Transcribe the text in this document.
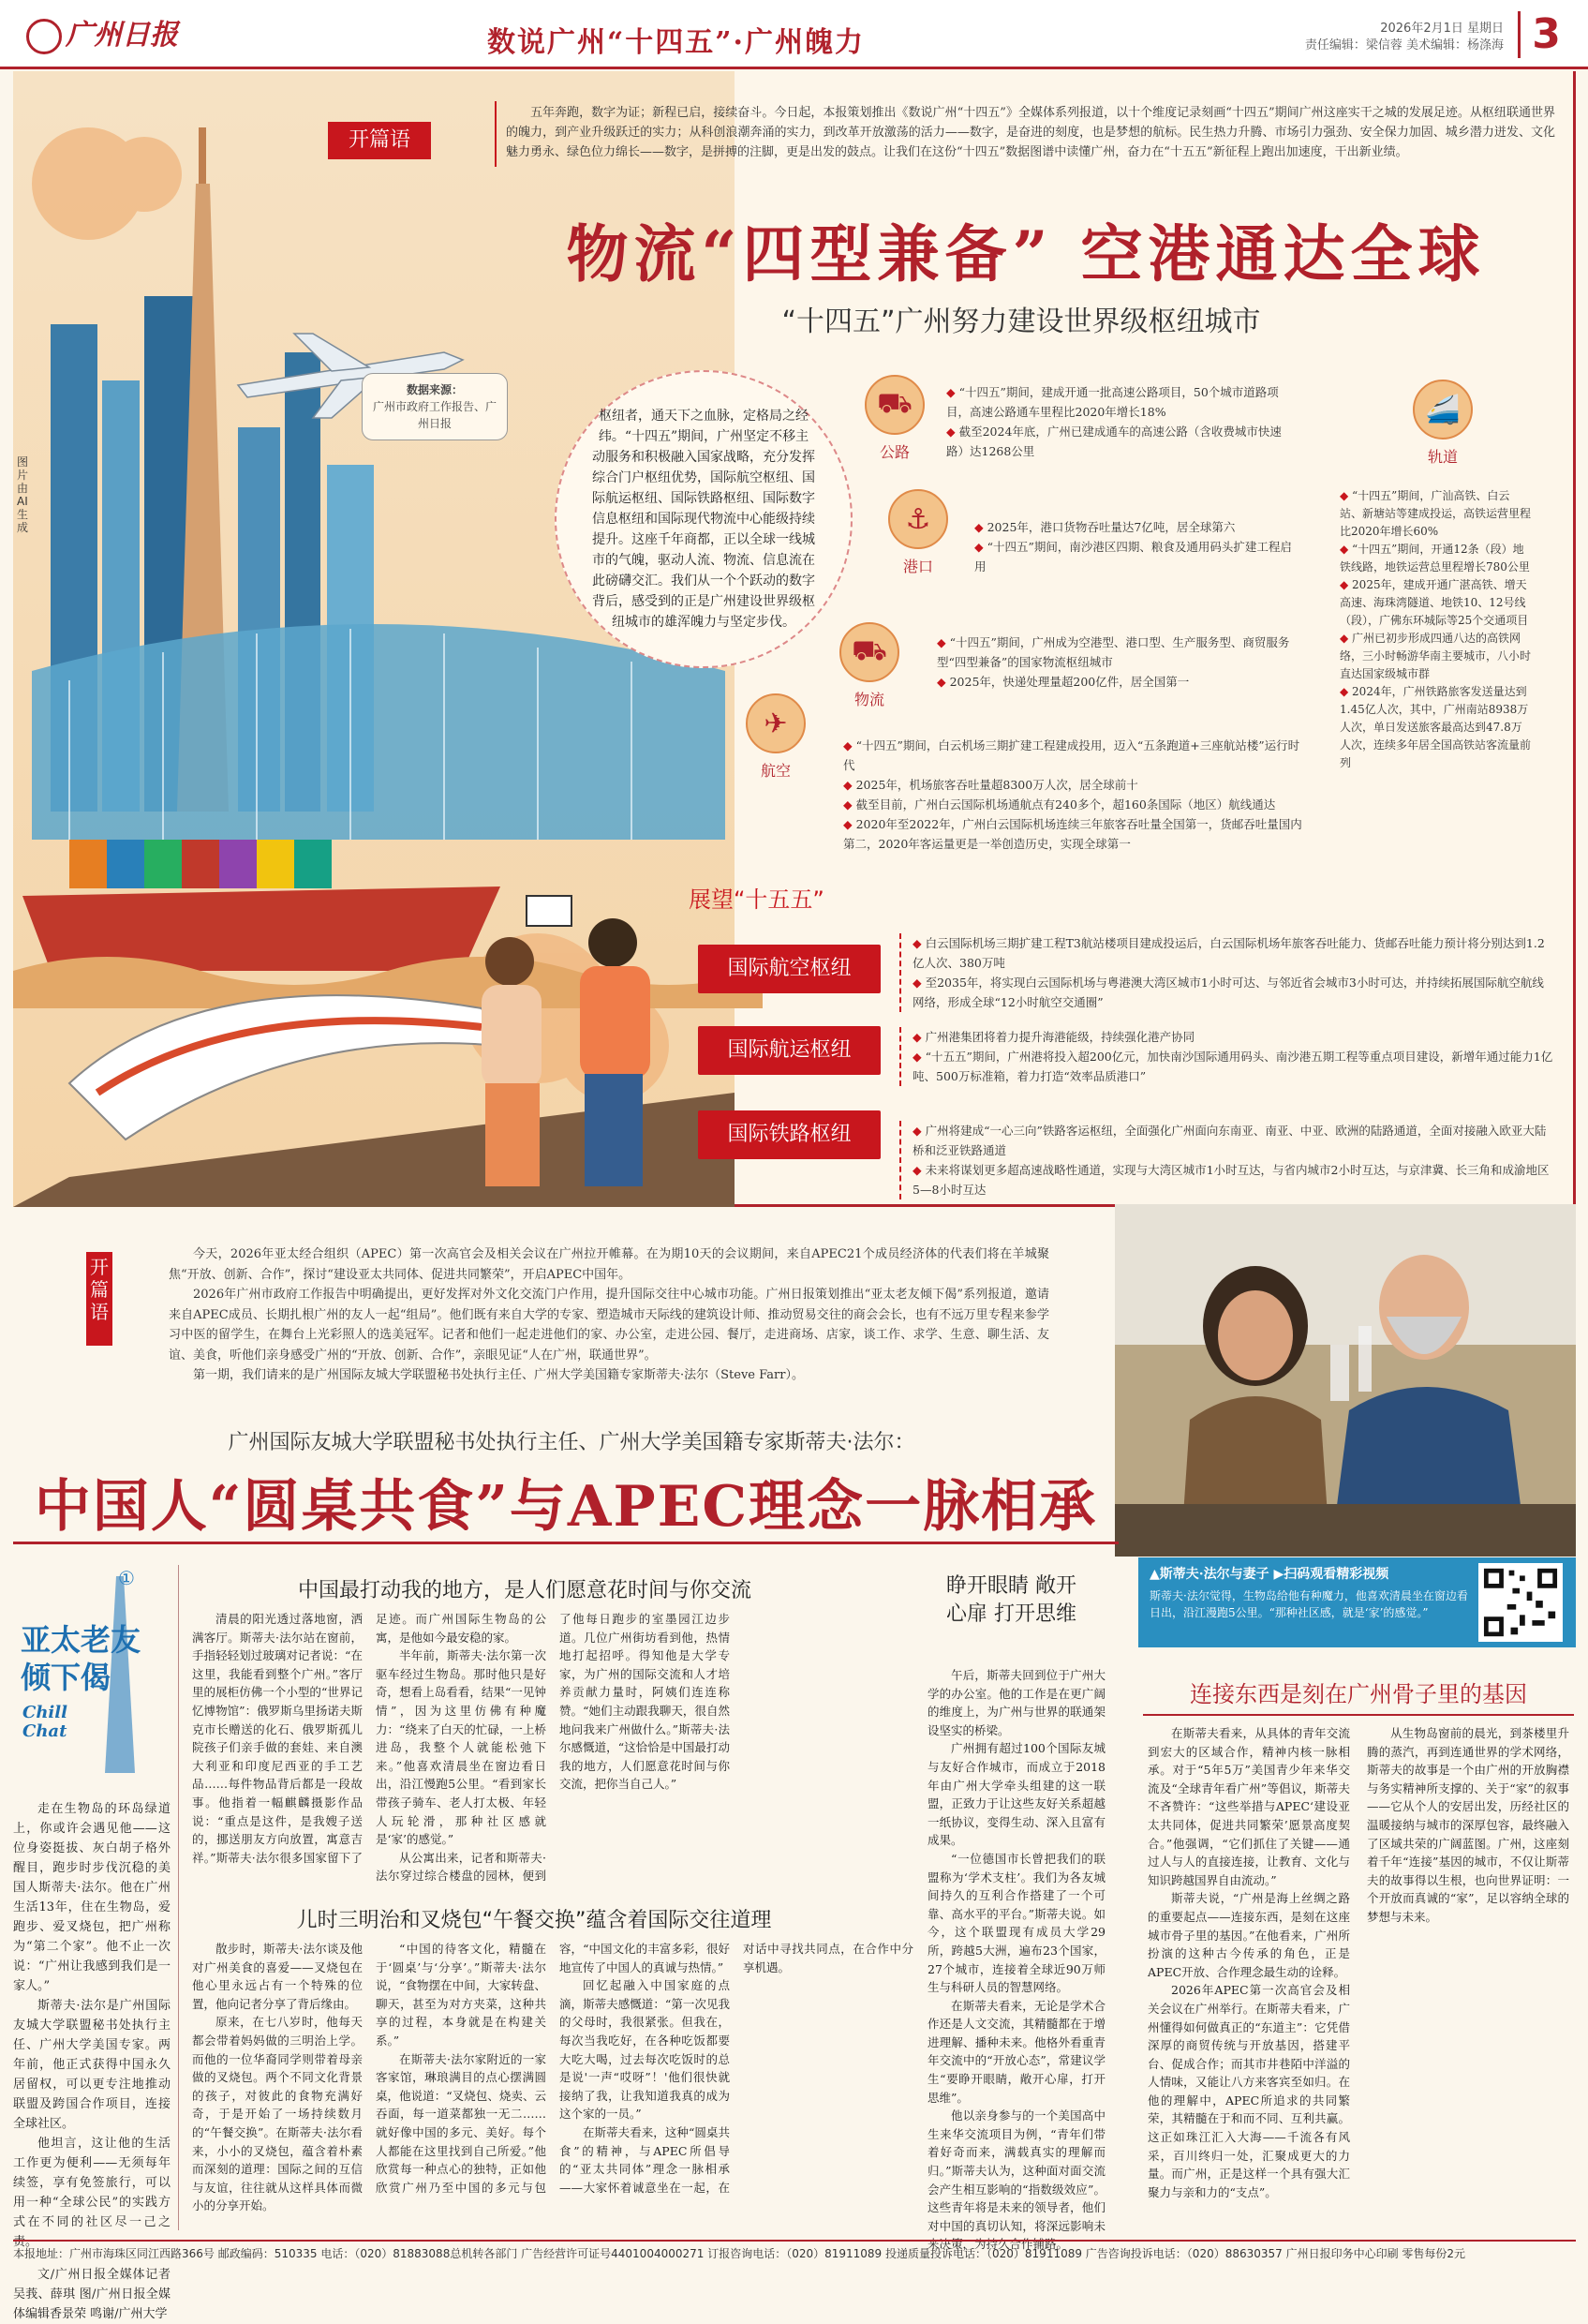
广州日报	数说广州“十四五”·广州魄力	2026年2月1日 星期日
责任编辑：梁信蓉 美术编辑：杨涤海 3
图片由AI生成
开篇语
五年奔跑，数字为证；新程已启，接续奋斗。今日起，本报策划推出《数说广州“十四五”》全媒体系列报道，以十个维度记录刻画“十四五”期间广州这座实干之城的发展足迹。从枢纽联通世界的魄力，到产业升级跃迁的实力；从科创浪潮奔涌的实力，到改革开放激荡的活力——数字，是奋进的刻度，也是梦想的航标。民生热力升腾、市场引力强劲、安全保力加固、城乡潜力迸发、文化魅力勇永、绿色位力绵长——数字，是拼搏的注脚，更是出发的鼓点。让我们在这份“十四五”数据图谱中读懂广州，奋力在“十五五”新征程上跑出加速度，干出新业绩。
物流“四型兼备” 空港通达全球
“十四五”广州努力建设世界级枢纽城市
数据来源：
广州市政府工作报告、广州日报	枢纽者，通天下之血脉，定格局之经纬。“十四五”期间，广州坚定不移主动服务和积极融入国家战略，充分发挥综合门户枢纽优势，国际航空枢纽、国际航运枢纽、国际铁路枢纽、国际数字信息枢纽和国际现代物流中心能级持续提升。这座千年商都，正以全球一线城市的气魄，驱动人流、物流、信息流在此磅礴交汇。我们从一个个跃动的数字背后，感受到的正是广州建设世界级枢纽城市的雄浑魄力与坚定步伐。
⛟
公路
◆ “十四五”期间，建成开通一批高速公路项目，50个城市道路项目，高速公路通车里程比2020年增长18%
◆ 截至2024年底，广州已建成通车的高速公路（含收费城市快速路）达1268公里
⚓
港口
◆ 2025年，港口货物吞吐量达7亿吨，居全球第六
◆ “十四五”期间，南沙港区四期、粮食及通用码头扩建工程启用
⛟
物流
◆ “十四五”期间，广州成为空港型、港口型、生产服务型、商贸服务型“四型兼备”的国家物流枢纽城市
◆ 2025年，快递处理量超200亿件，居全国第一
✈
航空
◆ “十四五”期间，白云机场三期扩建工程建成投用，迈入“五条跑道+三座航站楼”运行时代
◆ 2025年，机场旅客吞吐量超8300万人次，居全球前十
◆ 截至目前，广州白云国际机场通航点有240多个，超160条国际（地区）航线通达
◆ 2020年至2022年，广州白云国际机场连续三年旅客吞吐量全国第一，货邮吞吐量国内第二，2020年客运量更是一举创造历史，实现全球第一
🚄
轨道
◆ “十四五”期间，广汕高铁、白云站、新塘站等建成投运，高铁运营里程比2020年增长60%
◆ “十四五”期间，开通12条（段）地铁线路，地铁运营总里程增长780公里
◆ 2025年，建成开通广湛高铁、增天高速、海珠湾隧道、地铁10、12号线（段），广佛东环城际等25个交通项目
◆ 广州已初步形成四通八达的高铁网络，三小时畅游华南主要城市，八小时直达国家级城市群
◆ 2024年，广州铁路旅客发送量达到1.45亿人次，其中，广州南站8938万人次，单日发送旅客最高达到47.8万人次，连续多年居全国高铁站客流量前列
展望“十五五”
国际航空枢纽
国际航运枢纽
国际铁路枢纽
◆ 白云国际机场三期扩建工程T3航站楼项目建成投运后，白云国际机场年旅客吞吐能力、货邮吞吐能力预计将分别达到1.2亿人次、380万吨
◆ 至2035年，将实现白云国际机场与粤港澳大湾区城市1小时可达、与邻近省会城市3小时可达，并持续拓展国际航空航线网络，形成全球“12小时航空交通圈”
◆ 广州港集团将着力提升海港能级，持续强化港产协同
◆ “十五五”期间，广州港将投入超200亿元，加快南沙国际通用码头、南沙港五期工程等重点项目建设，新增年通过能力1亿吨、500万标准箱，着力打造“效率品质港口”
◆ 广州将建成“一心三向”铁路客运枢纽，全面强化广州面向东南亚、南亚、中亚、欧洲的陆路通道，全面对接融入欧亚大陆桥和泛亚铁路通道
◆ 未来将谋划更多超高速战略性通道，实现与大湾区城市1小时互达，与省内城市2小时互达，与京津冀、长三角和成渝地区5—8小时互达
开篇语

今天，2026年亚太经合组织（APEC）第一次高官会及相关会议在广州拉开帷幕。在为期10天的会议期间，来自APEC21个成员经济体的代表们将在羊城聚焦“开放、创新、合作”，探讨“建设亚太共同体、促进共同繁荣”，开启APEC中国年。

2026年广州市政府工作报告中明确提出，更好发挥对外文化交流门户作用，提升国际交往中心城市功能。广州日报策划推出“亚太老友倾下偈”系列报道，邀请来自APEC成员、长期扎根广州的友人一起“组局”。他们既有来自大学的专家、塑造城市天际线的建筑设计师、推动贸易交往的商会会长，也有不远万里专程来参学习中医的留学生，在舞台上光彩照人的选美冠军。记者和他们一起走进他们的家、办公室，走进公园、餐厅，走进商场、店家，谈工作、求学、生意、聊生活、友谊、美食，听他们亲身感受广州的“开放、创新、合作”，亲眼见证“人在广州，联通世界”。

第一期，我们请来的是广州国际友城大学联盟秘书处执行主任、广州大学美国籍专家斯蒂夫·法尔（Steve Farr）。

▲斯蒂夫·法尔与妻子 ▶扫码观看精彩视频
斯蒂夫·法尔觉得，生物岛给他有种魔力，他喜欢清晨坐在窗边看日出，沿江漫跑5公里。“那种社区感，就是‘家’的感觉。”
广州国际友城大学联盟秘书处执行主任、广州大学美国籍专家斯蒂夫·法尔：
中国人“圆桌共食”与APEC理念一脉相承
①
亚太老友 倾下偈
Chill Chat

走在生物岛的环岛绿道上，你或许会遇见他——这位身姿挺拔、灰白胡子格外醒目，跑步时步伐沉稳的美国人斯蒂夫·法尔。他在广州生活13年，住在生物岛，爱跑步、爱叉烧包，把广州称为“第二个家”。他不止一次说：“广州让我感到我们是一家人。”

斯蒂夫·法尔是广州国际友城大学联盟秘书处执行主任、广州大学美国专家。两年前，他正式获得中国永久居留权，可以更专注地推动联盟及跨国合作项目，连接全球社区。

他坦言，这让他的生活工作更为便利——无须每年续签，享有免签旅行，可以用一种“全球公民”的实践方式在不同的社区尽一己之责。

文/广州日报全媒体记者吴莪、薛琪 图/广州日报全媒体编辑香景荣 鸣谢/广州大学

中国最打动我的地方，是人们愿意花时间与你交流

清晨的阳光透过落地窗，洒满客厅。斯蒂夫·法尔站在窗前，手指轻轻划过玻璃对记者说：“在这里，我能看到整个广州。”客厅里的展柜仿佛一个小型的“世界记忆博物馆”：俄罗斯乌里扬诺夫斯克市长赠送的化石、俄罗斯孤儿院孩子们亲手做的套娃、来自澳大利亚和印度尼西亚的手工艺品……每件物品背后都是一段故事。他指着一幅麒麟摄影作品说：“重点是这件，是我嫂子送的，挪送朋友方向放置，寓意吉祥。”斯蒂夫·法尔很多国家留下了足迹。而广州国际生物岛的公寓，是他如今最安稳的家。

半年前，斯蒂夫·法尔第一次驱车经过生物岛。那时他只是好奇，想看上岛看看，结果“一见钟情”，因为这里仿佛有种魔力：“绕来了白天的忙碌，一上桥进岛，我整个人就能松弛下来。”他喜欢清晨坐在窗边看日出，沿江慢跑5公里。“看到家长带孩子骑车、老人打太极、年轻人玩轮滑，那种社区感就是‘家’的感觉。”

从公寓出来，记者和斯蒂夫·法尔穿过综合楼盘的园林，便到了他每日跑步的室墨园江边步道。几位广州街坊看到他，热情地打起招呼。得知他是大学专家，为广州的国际交流和人才培养贡献力量时，阿姨们连连称赞。“她们主动跟我聊天，很自然地问我来广州做什么。”斯蒂夫·法尔感慨道，“这恰恰是中国最打动我的地方，人们愿意花时间与你交流，把你当自己人。”

睁开眼睛 敞开心扉 打开思维

午后，斯蒂夫回到位于广州大学的办公室。他的工作是在更广阔的维度上，为广州与世界的联通架设坚实的桥梁。

广州拥有超过100个国际友城与友好合作城市，而成立于2018年由广州大学牵头组建的这一联盟，正致力于让这些友好关系超越一纸协议，变得生动、深入且富有成果。

“一位德国市长曾把我们的联盟称为‘学术支柱’。我们为各友城间持久的互利合作搭建了一个可靠、高水平的平台。”斯蒂夫说。如今，这个联盟现有成员大学29所，跨越5大洲，遍布23个国家，27个城市，连接着全球近90万师生与科研人员的智慧网络。

在斯蒂夫看来，无论是学术合作还是人文交流，其精髓都在于增进理解、播种未来。他格外看重青年交流中的“开放心态”，常建议学生“要睁开眼睛，敞开心扉，打开思维”。

他以亲身参与的一个美国高中生来华交流项目为例，“青年们带着好奇而来，满载真实的理解而归。”斯蒂夫认为，这种面对面交流会产生相互影响的“指数级效应”。这些青年将是未来的领导者，他们对中国的真切认知，将深远影响未来决策，为持久合作铺路。

儿时三明治和叉烧包“午餐交换”蕴含着国际交往道理

散步时，斯蒂夫·法尔谈及他对广州美食的喜爱——叉烧包在他心里永远占有一个特殊的位置，他向记者分享了背后缘由。

原来，在七八岁时，他每天都会带着妈妈做的三明治上学。而他的一位华裔同学则带着母亲做的叉烧包。两个不同文化背景的孩子，对彼此的食物充满好奇，于是开始了一场持续数月的“午餐交换”。在斯蒂夫·法尔看来，小小的叉烧包，蕴含着朴素而深刻的道理：国际之间的互信与友谊，往往就从这样具体而微小的分享开始。

“中国的待客文化，精髓在于‘圆桌’与‘分享’。”斯蒂夫·法尔说，“食物摆在中间，大家转盘、聊天，甚至为对方夹菜，这种共享的过程，本身就是在构建关系。”

在斯蒂夫·法尔家附近的一家客家馆，琳琅满目的点心摆满圆桌，他说道：“叉烧包、烧卖、云吞面，每一道菜都独一无二……就好像中国的多元、美好。每个人都能在这里找到自己所爱。”他欣赏每一种点心的独特，正如他欣赏广州乃至中国的多元与包容，“中国文化的丰富多彩，很好地宣传了中国人的真诚与热情。”

回忆起融入中国家庭的点滴，斯蒂夫感慨道：“第一次见我的父母时，我很紧张。但我在，每次当我吃好，在各种吃饭都要大吃大喝，过去每次吃饭时的总是说'一声“哎呀”！'他们很快就接纳了我，让我知道我真的成为这个家的一员。”

在斯蒂夫看来，这种“圆桌共食”的精神，与APEC所倡导的“亚太共同体”理念一脉相承——大家怀着诚意坐在一起，在对话中寻找共同点，在合作中分享机遇。

连接东西是刻在广州骨子里的基因

在斯蒂夫看来，从具体的青年交流到宏大的区域合作，精神内核一脉相承。对于“5年5万”美国青少年来华交流及“全球青年看广州”等倡议，斯蒂夫不吝赞许：“这些举措与APEC‘建设亚太共同体，促进共同繁荣’愿景高度契合。”他强调，“它们抓住了关键——通过人与人的直接连接，让教育、文化与知识跨越国界自由流动。”

斯蒂夫说，“广州是海上丝绸之路的重要起点——连接东西，是刻在这座城市骨子里的基因。”在他看来，广州所扮演的这种古今传承的角色，正是APEC开放、合作理念最生动的诠释。

2026年APEC第一次高官会及相关会议在广州举行。在斯蒂夫看来，广州懂得如何做真正的“东道主”：它凭借深厚的商贸传统与开放基因，搭建平台、促成合作；而其市井巷陌中洋溢的人情味，又能让八方来客宾至如归。在他的理解中，APEC所追求的共同繁荣，其精髓在于和而不同、互利共赢。这正如珠江汇入大海——千流各有风采，百川终归一处，汇聚成更大的力量。而广州，正是这样一个具有强大汇聚力与亲和力的“支点”。

从生物岛窗前的晨光，到茶楼里升腾的蒸汽，再到连通世界的学术网络，斯蒂夫的故事是一个由广州的开放胸襟与务实精神所支撑的、关于“家”的叙事——它从个人的安居出发，历经社区的温暖接纳与城市的深厚包容，最终融入了区域共荣的广阔蓝图。广州，这座刻着千年“连接”基因的城市，不仅让斯蒂夫的故事得以生根，也向世界证明：一个开放而真诚的“家”，足以容纳全球的梦想与未来。

本报地址：广州市海珠区同江西路366号 邮政编码：510335 电话：（020）81883088总机转各部门 广告经营许可证号4401004000271 订报咨询电话：（020）81911089 投递质量投诉电话：（020）81911089 广告咨询投诉电话：（020）88630357 广州日报印务中心印刷 零售每份2元
